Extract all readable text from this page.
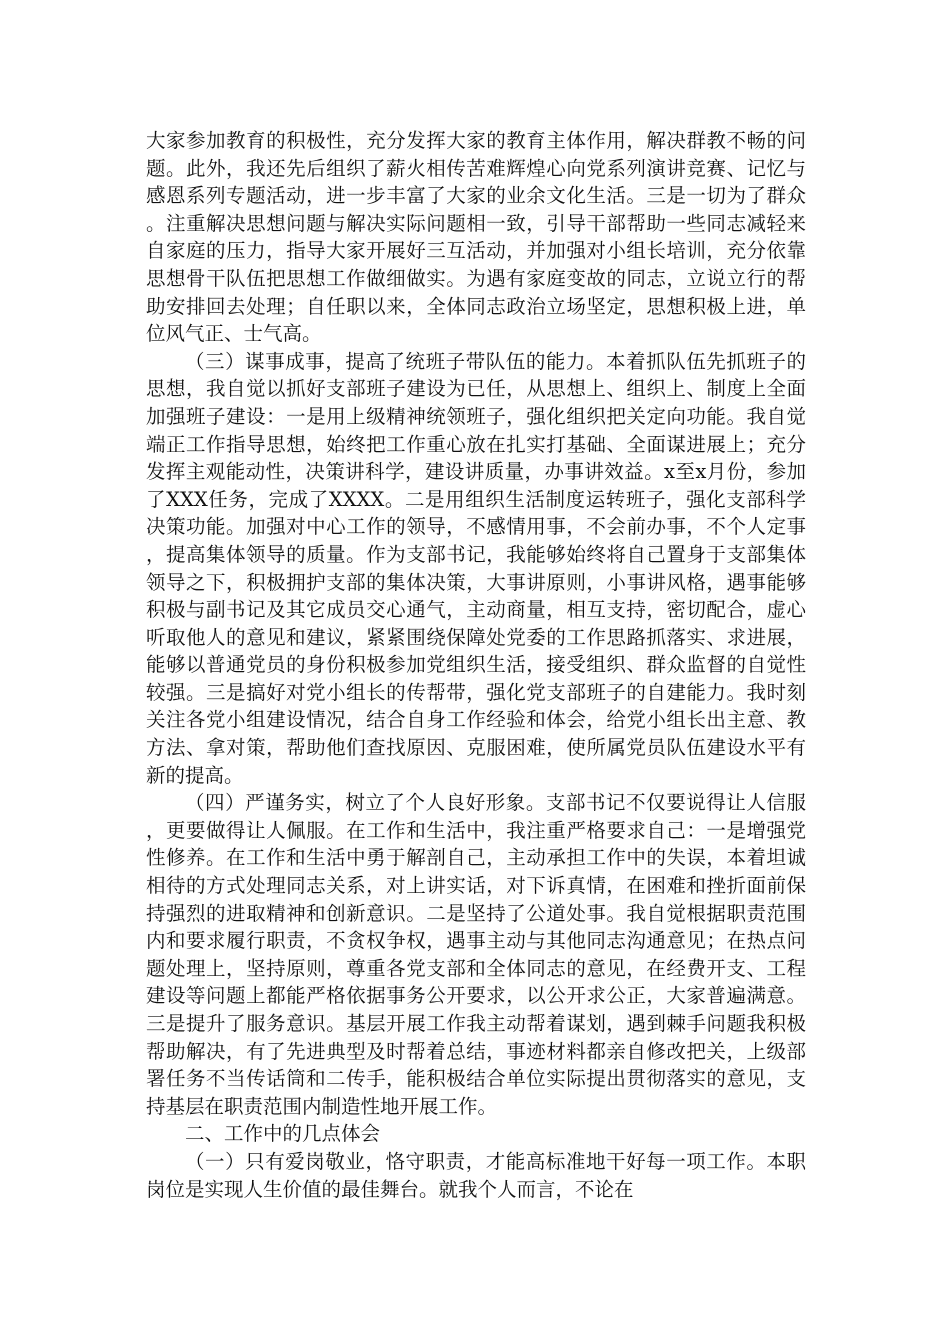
大家参加教育的积极性，充分发挥大家的教育主体作用，解决群教不畅的问题。此外，我还先后组织了薪火相传苦难辉煌心向党系列演讲竞赛、记忆与感恩系列专题活动，进一步丰富了大家的业余文化生活。三是一切为了群众。注重解决思想问题与解决实际问题相一致，引导干部帮助一些同志减轻来自家庭的压力，指导大家开展好三互活动，并加强对小组长培训，充分依靠思想骨干队伍把思想工作做细做实。为遇有家庭变故的同志，立说立行的帮助安排回去处理；自任职以来，全体同志政治立场坚定，思想积极上进，单位风气正、士气高。

（三）谋事成事，提高了统班子带队伍的能力。本着抓队伍先抓班子的思想，我自觉以抓好支部班子建设为已任，从思想上、组织上、制度上全面加强班子建设：一是用上级精神统领班子，强化组织把关定向功能。我自觉端正工作指导思想，始终把工作重心放在扎实打基础、全面谋进展上；充分发挥主观能动性，决策讲科学，建设讲质量，办事讲效益。x至x月份，参加了XXX任务，完成了XXXX。二是用组织生活制度运转班子，强化支部科学决策功能。加强对中心工作的领导，不感情用事，不会前办事，不个人定事，提高集体领导的质量。作为支部书记，我能够始终将自己置身于支部集体领导之下，积极拥护支部的集体决策，大事讲原则，小事讲风格，遇事能够积极与副书记及其它成员交心通气，主动商量，相互支持，密切配合，虚心听取他人的意见和建议，紧紧围绕保障处党委的工作思路抓落实、求进展，能够以普通党员的身份积极参加党组织生活，接受组织、群众监督的自觉性较强。三是搞好对党小组长的传帮带，强化党支部班子的自建能力。我时刻关注各党小组建设情况，结合自身工作经验和体会，给党小组长出主意、教方法、拿对策，帮助他们查找原因、克服困难，使所属党员队伍建设水平有新的提高。

（四）严谨务实，树立了个人良好形象。支部书记不仅要说得让人信服，更要做得让人佩服。在工作和生活中，我注重严格要求自己：一是增强党性修养。在工作和生活中勇于解剖自己，主动承担工作中的失误，本着坦诚相待的方式处理同志关系，对上讲实话，对下诉真情，在困难和挫折面前保持强烈的进取精神和创新意识。二是坚持了公道处事。我自觉根据职责范围内和要求履行职责，不贪权争权，遇事主动与其他同志沟通意见；在热点问题处理上，坚持原则，尊重各党支部和全体同志的意见，在经费开支、工程建设等问题上都能严格依据事务公开要求，以公开求公正，大家普遍满意。三是提升了服务意识。基层开展工作我主动帮着谋划，遇到棘手问题我积极帮助解决，有了先进典型及时帮着总结，事迹材料都亲自修改把关，上级部署任务不当传话筒和二传手，能积极结合单位实际提出贯彻落实的意见，支持基层在职责范围内制造性地开展工作。

二、工作中的几点体会

（一）只有爱岗敬业，恪守职责，才能高标准地干好每一项工作。本职岗位是实现人生价值的最佳舞台。就我个人而言，不论在
